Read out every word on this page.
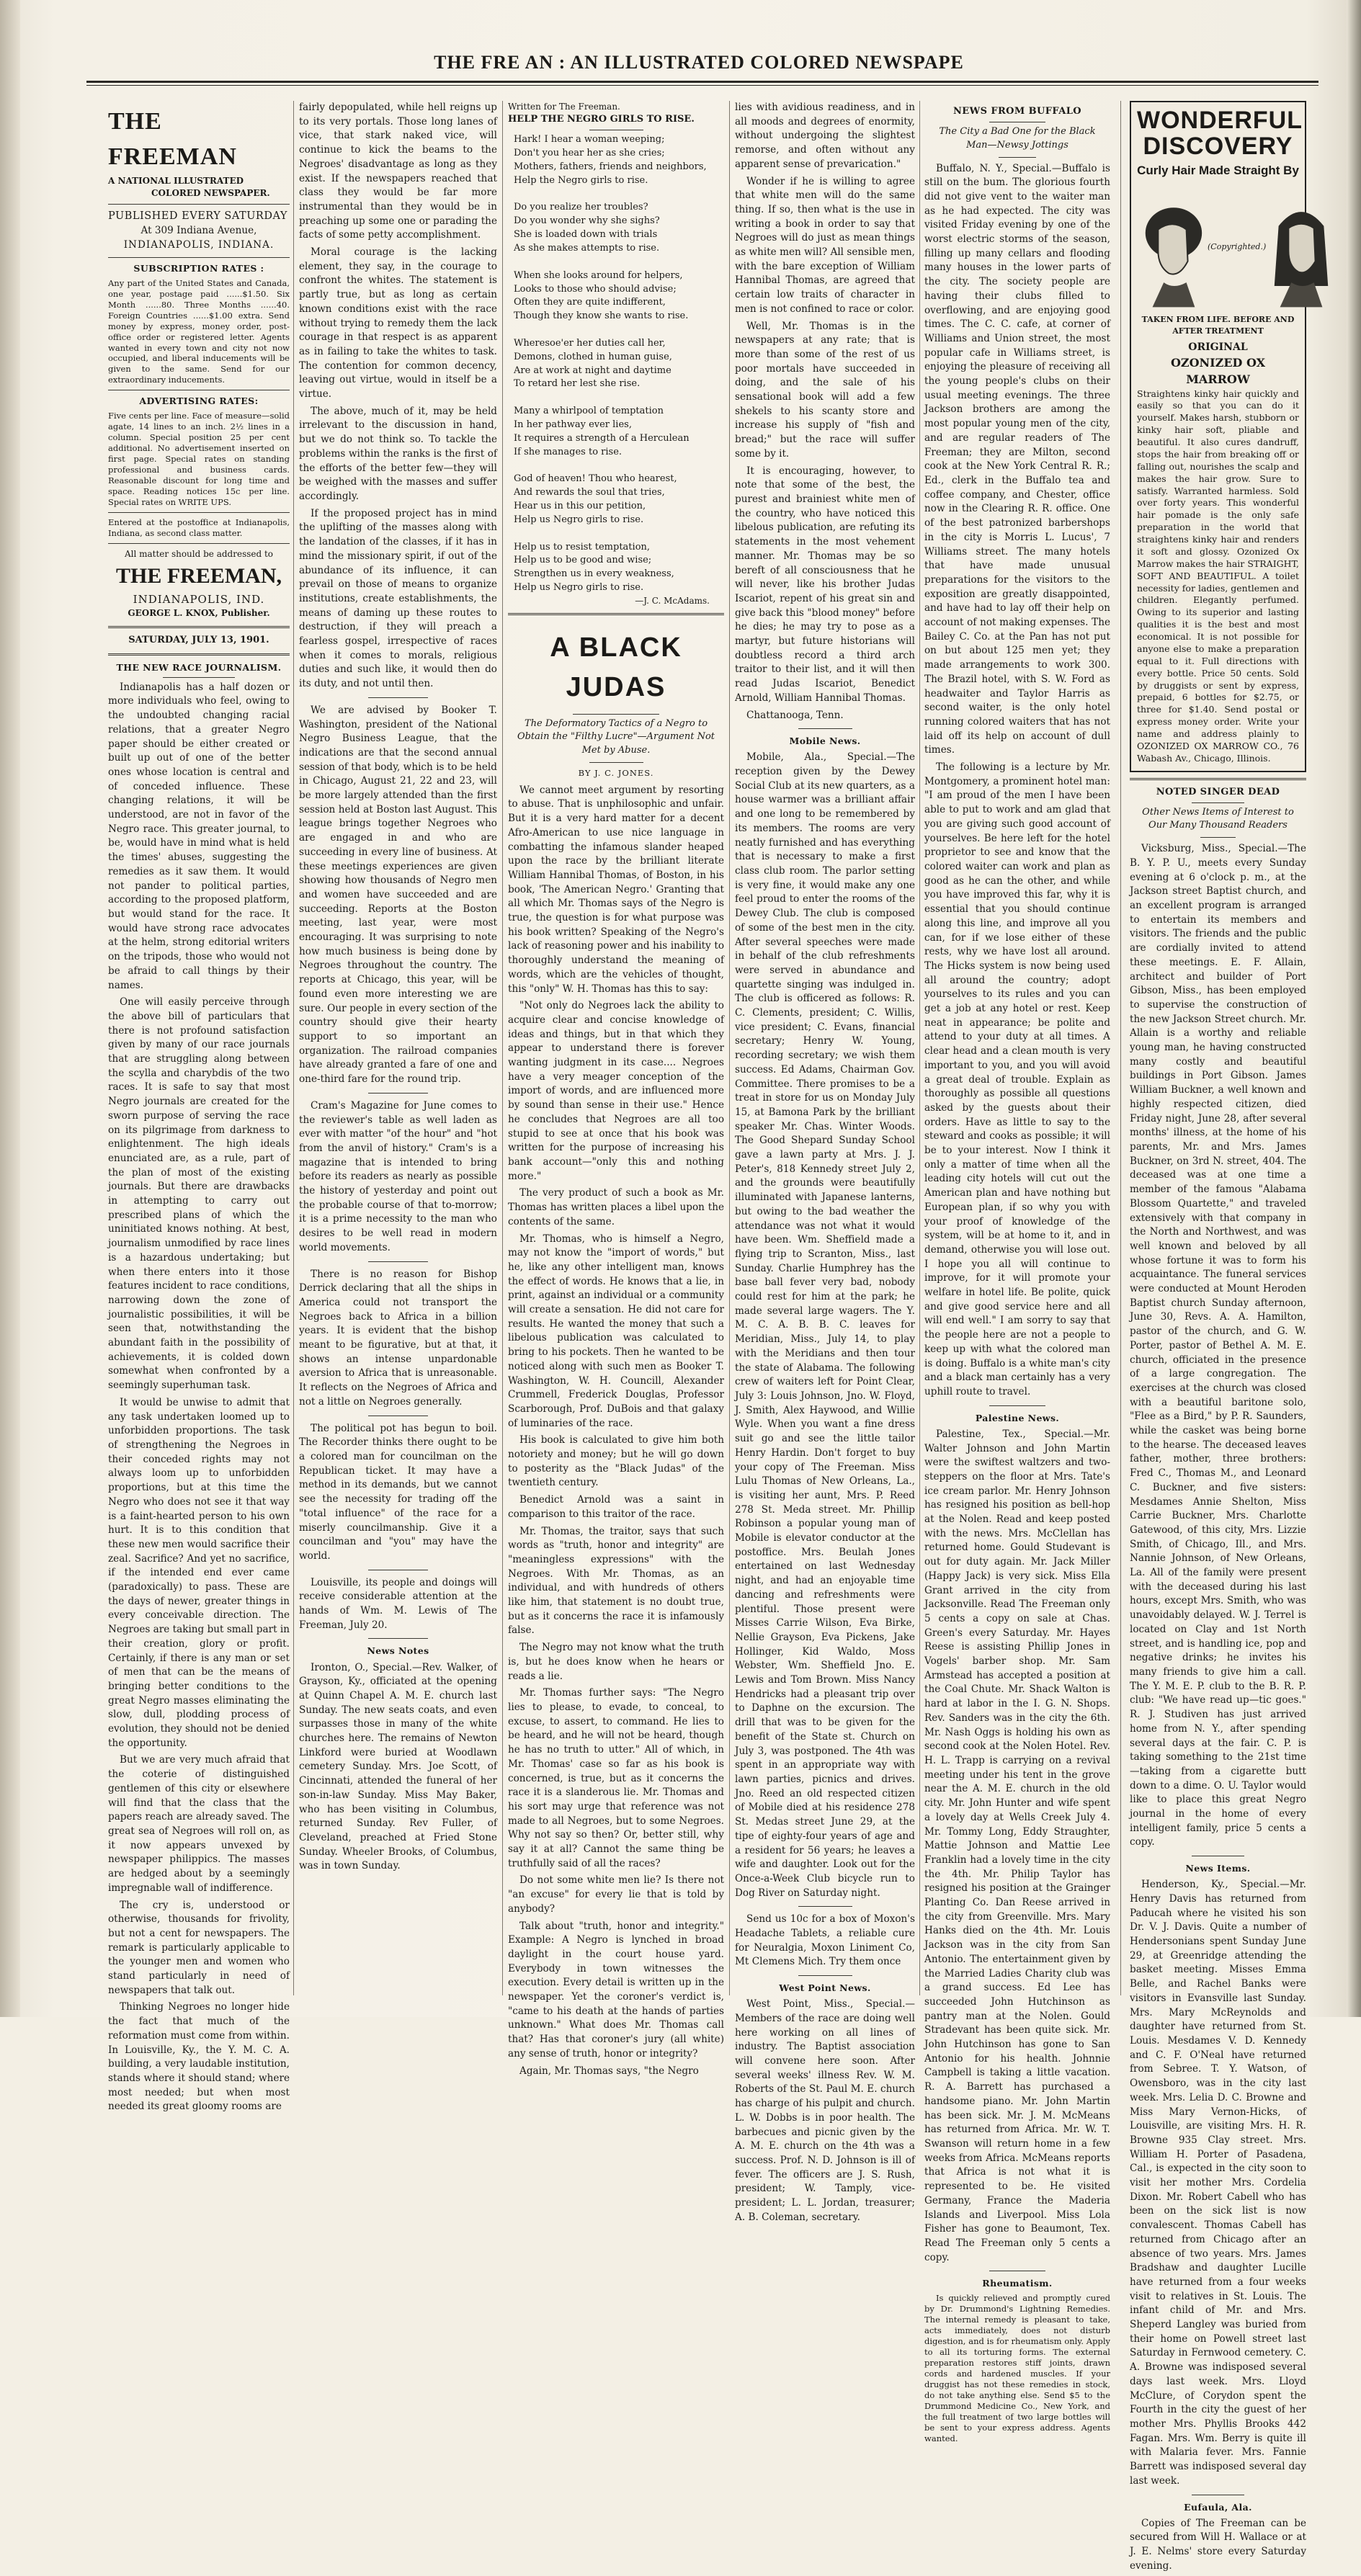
THE FRE AN : AN ILLUSTRATED COLORED NEWSPAPE
THE FREEMAN
A NATIONAL ILLUSTRATED
COLORED NEWSPAPER.
PUBLISHED EVERY SATURDAY
At 309 Indiana Avenue,
INDIANAPOLIS, INDIANA.
SUBSCRIPTION RATES :
Any part of the United States and Canada, one year, postage paid ......$1.50. Six Month ......80. Three Months ......40. Foreign Countries ......$1.00 extra. Send money by express, money order, post-office order or registered letter. Agents wanted in every town and city not now occupied, and liberal inducements will be given to the same. Send for our extraordinary inducements.
ADVERTISING RATES:
Five cents per line. Face of measure—solid agate, 14 lines to an inch. 2½ lines in a column. Special position 25 per cent additional. No advertisement inserted on first page. Special rates on standing professional and business cards. Reasonable discount for long time and space. Reading notices 15c per line. Special rates on WRITE UPS.
Entered at the postoffice at Indianapolis, Indiana, as second class matter.
All matter should be addressed to
THE FREEMAN,
INDIANAPOLIS, IND.
GEORGE L. KNOX, Publisher.
SATURDAY, JULY 13, 1901.
THE NEW RACE JOURNALISM.

Indianapolis has a half dozen or more individuals who feel, owing to the undoubted changing racial relations, that a greater Negro paper should be either created or built up out of one of the better ones whose location is central and of conceded influence. These changing relations, it will be understood, are not in favor of the Negro race. This greater journal, to be, would have in mind what is held the times' abuses, suggesting the remedies as it saw them. It would not pander to political parties, according to the proposed platform, but would stand for the race. It would have strong race advocates at the helm, strong editorial writers on the tripods, those who would not be afraid to call things by their names.

One will easily perceive through the above bill of particulars that there is not profound satisfaction given by many of our race journals that are struggling along between the scylla and charybdis of the two races. It is safe to say that most Negro journals are created for the sworn purpose of serving the race on its pilgrimage from darkness to enlightenment. The high ideals enunciated are, as a rule, part of the plan of most of the existing journals. But there are drawbacks in attempting to carry out prescribed plans of which the uninitiated knows nothing. At best, journalism unmodified by race lines is a hazardous undertaking; but when there enters into it those features incident to race conditions, narrowing down the zone of journalistic possibilities, it will be seen that, notwithstanding the abundant faith in the possibility of achievements, it is colded down somewhat when confronted by a seemingly superhuman task.

It would be unwise to admit that any task undertaken loomed up to unforbidden proportions. The task of strengthening the Negroes in their conceded rights may not always loom up to unforbidden proportions, but at this time the Negro who does not see it that way is a faint-hearted person to his own hurt. It is to this condition that these new men would sacrifice their zeal. Sacrifice? And yet no sacrifice, if the intended end ever came (paradoxically) to pass. These are the days of newer, greater things in every conceivable direction. The Negroes are taking but small part in their creation, glory or profit. Certainly, if there is any man or set of men that can be the means of bringing better conditions to the great Negro masses eliminating the slow, dull, plodding process of evolution, they should not be denied the opportunity.

But we are very much afraid that the coterie of distinguished gentlemen of this city or elsewhere will find that the class that the papers reach are already saved. The great sea of Negroes will roll on, as it now appears unvexed by newspaper philippics. The masses are hedged about by a seemingly impregnable wall of indifference.

The cry is, understood or otherwise, thousands for frivolity, but not a cent for newspapers. The remark is particularly applicable to the younger men and women who stand particularly in need of newspapers that talk out.

Thinking Negroes no longer hide the fact that much of the reformation must come from within. In Louisville, Ky., the Y. M. C. A. building, a very laudable institution, stands where it should stand; where most needed; but when most needed its great gloomy rooms are

fairly depopulated, while hell reigns up to its very portals. Those long lanes of vice, that stark naked vice, will continue to kick the beams to the Negroes' disadvantage as long as they exist. If the newspapers reached that class they would be far more instrumental than they would be in preaching up some one or parading the facts of some petty accomplishment.

Moral courage is the lacking element, they say, in the courage to confront the whites. The statement is partly true, but as long as certain known conditions exist with the race without trying to remedy them the lack courage in that respect is as apparent as in failing to take the whites to task. The contention for common decency, leaving out virtue, would in itself be a virtue.

The above, much of it, may be held irrelevant to the discussion in hand, but we do not think so. To tackle the problems within the ranks is the first of the efforts of the better few—they will be weighed with the masses and suffer accordingly.

If the proposed project has in mind the uplifting of the masses along with the landation of the classes, if it has in mind the missionary spirit, if out of the abundance of its influence, it can prevail on those of means to organize institutions, create establishments, the means of daming up these routes to destruction, if they will preach a fearless gospel, irrespective of races when it comes to morals, religious duties and such like, it would then do its duty, and not until then.

We are advised by Booker T. Washington, president of the National Negro Business League, that the indications are that the second annual session of that body, which is to be held in Chicago, August 21, 22 and 23, will be more largely attended than the first session held at Boston last August. This league brings together Negroes who are engaged in and who are succeeding in every line of business. At these meetings experiences are given showing how thousands of Negro men and women have succeeded and are succeeding. Reports at the Boston meeting, last year, were most encouraging. It was surprising to note how much business is being done by Negroes throughout the country. The reports at Chicago, this year, will be found even more interesting we are sure. Our people in every section of the country should give their hearty support to so important an organization. The railroad companies have already granted a fare of one and one-third fare for the round trip.

Cram's Magazine for June comes to the reviewer's table as well laden as ever with matter "of the hour" and "hot from the anvil of history." Cram's is a magazine that is intended to bring before its readers as nearly as possible the history of yesterday and point out the probable course of that to-morrow; it is a prime necessity to the man who desires to be well read in modern world movements.

There is no reason for Bishop Derrick declaring that all the ships in America could not transport the Negroes back to Africa in a billion years. It is evident that the bishop meant to be figurative, but at that, it shows an intense unpardonable aversion to Africa that is unreasonable. It reflects on the Negroes of Africa and not a little on Negroes generally.

The political pot has begun to boil. The Recorder thinks there ought to be a colored man for councilman on the Republican ticket. It may have a method in its demands, but we cannot see the necessity for trading off the "total influence" of the race for a miserly councilmanship. Give it a councilman and "you" may have the world.

Louisville, its people and doings will receive considerable attention at the hands of Wm. M. Lewis of The Freeman, July 20.

News Notes

Ironton, O., Special.—Rev. Walker, of Grayson, Ky., officiated at the opening at Quinn Chapel A. M. E. church last Sunday. The new seats coats, and even surpasses those in many of the white churches here. The remains of Newton Linkford were buried at Woodlawn cemetery Sunday. Mrs. Joe Scott, of Cincinnati, attended the funeral of her son-in-law Sunday. Miss May Baker, who has been visiting in Columbus, returned Sunday. Rev Fuller, of Cleveland, preached at Fried Stone Sunday. Wheeler Brooks, of Columbus, was in town Sunday.

Written for The Freeman.
HELP THE NEGRO GIRLS TO RISE.
Hark! I hear a woman weeping;
Don't you hear her as she cries;
Mothers, fathers, friends and neighbors,
Help the Negro girls to rise.

Do you realize her troubles?
Do you wonder why she sighs?
She is loaded down with trials
As she makes attempts to rise.

When she looks around for helpers,
Looks to those who should advise;
Often they are quite indifferent,
Though they know she wants to rise.

Wheresoe'er her duties call her,
Demons, clothed in human guise,
Are at work at night and daytime
To retard her lest she rise.

Many a whirlpool of temptation
In her pathway ever lies,
It requires a strength of a Herculean
If she manages to rise.

God of heaven! Thou who hearest,
And rewards the soul that tries,
Hear us in this our petition,
Help us Negro girls to rise.

Help us to resist temptation,
Help us to be good and wise;
Strengthen us in every weakness,
Help us Negro girls to rise.
—J. C. McAdams.
A BLACK JUDAS
The Deformatory Tactics of a Negro to Obtain the "Filthy Lucre"—Argument Not Met by Abuse.
BY J. C. JONES.

We cannot meet argument by resorting to abuse. That is unphilosophic and unfair. But it is a very hard matter for a decent Afro-American to use nice language in combatting the infamous slander heaped upon the race by the brilliant literate William Hannibal Thomas, of Boston, in his book, 'The American Negro.' Granting that all which Mr. Thomas says of the Negro is true, the question is for what purpose was his book written? Speaking of the Negro's lack of reasoning power and his inability to thoroughly understand the meaning of words, which are the vehicles of thought, this "only" W. H. Thomas has this to say:

"Not only do Negroes lack the ability to acquire clear and concise knowledge of ideas and things, but in that which they appear to understand there is forever wanting judgment in its case.... Negroes have a very meager conception of the import of words, and are influenced more by sound than sense in their use." Hence he concludes that Negroes are all too stupid to see at once that his book was written for the purpose of increasing his bank account—"only this and nothing more."

The very product of such a book as Mr. Thomas has written places a libel upon the contents of the same.

Mr. Thomas, who is himself a Negro, may not know the "import of words," but he, like any other intelligent man, knows the effect of words. He knows that a lie, in print, against an individual or a community will create a sensation. He did not care for results. He wanted the money that such a libelous publication was calculated to bring to his pockets. Then he wanted to be noticed along with such men as Booker T. Washington, W. H. Councill, Alexander Crummell, Frederick Douglas, Professor Scarborough, Prof. DuBois and that galaxy of luminaries of the race.

His book is calculated to give him both notoriety and money; but he will go down to posterity as the "Black Judas" of the twentieth century.

Benedict Arnold was a saint in comparison to this traitor of the race.

Mr. Thomas, the traitor, says that such words as "truth, honor and integrity" are "meaningless expressions" with the Negroes. With Mr. Thomas, as an individual, and with hundreds of others like him, that statement is no doubt true, but as it concerns the race it is infamously false.

The Negro may not know what the truth is, but he does know when he hears or reads a lie.

Mr. Thomas further says: "The Negro lies to please, to evade, to conceal, to excuse, to assert, to command. He lies to be heard, and he will not be heard, though he has no truth to utter." All of which, in Mr. Thomas' case so far as his book is concerned, is true, but as it concerns the race it is a slanderous lie. Mr. Thomas and his sort may urge that reference was not made to all Negroes, but to some Negroes. Why not say so then? Or, better still, why say it at all? Cannot the same thing be truthfully said of all the races?

Do not some white men lie? Is there not "an excuse" for every lie that is told by anybody?

Talk about "truth, honor and integrity." Example: A Negro is lynched in broad daylight in the court house yard. Everybody in town witnesses the execution. Every detail is written up in the newspaper. Yet the coroner's verdict is, "came to his death at the hands of parties unknown." What does Mr. Thomas call that? Has that coroner's jury (all white) any sense of truth, honor or integrity?

Again, Mr. Thomas says, "the Negro

lies with avidious readiness, and in all moods and degrees of enormity, without undergoing the slightest remorse, and often without any apparent sense of prevarication."

Wonder if he is willing to agree that white men will do the same thing. If so, then what is the use in writing a book in order to say that Negroes will do just as mean things as white men will? All sensible men, with the bare exception of William Hannibal Thomas, are agreed that certain low traits of character in men is not confined to race or color.

Well, Mr. Thomas is in the newspapers at any rate; that is more than some of the rest of us poor mortals have succeeded in doing, and the sale of his sensational book will add a few shekels to his scanty store and increase his supply of "fish and bread;" but the race will suffer some by it.

It is encouraging, however, to note that some of the best, the purest and brainiest white men of the country, who have noticed this libelous publication, are refuting its statements in the most vehement manner. Mr. Thomas may be so bereft of all consciousness that he will never, like his brother Judas Iscariot, repent of his great sin and give back this "blood money" before he dies; he may try to pose as a martyr, but future historians will doubtless record a third arch traitor to their list, and it will then read Judas Iscariot, Benedict Arnold, William Hannibal Thomas.

Chattanooga, Tenn.

Mobile News.

Mobile, Ala., Special.—The reception given by the Dewey Social Club at its new quarters, as a house warmer was a brilliant affair and one long to be remembered by its members. The rooms are very neatly furnished and has everything that is necessary to make a first class club room. The parlor setting is very fine, it would make any one feel proud to enter the rooms of the Dewey Club. The club is composed of some of the best men in the city. After several speeches were made in behalf of the club refreshments were served in abundance and quartette singing was indulged in. The club is officered as follows: R. C. Clements, president; C. Willis, vice president; C. Evans, financial secretary; Henry W. Young, recording secretary; we wish them success. Ed Adams, Chairman Gov. Committee. There promises to be a treat in store for us on Monday July 15, at Bamona Park by the brilliant speaker Mr. Chas. Winter Woods. The Good Shepard Sunday School gave a lawn party at Mrs. J. J. Peter's, 818 Kennedy street July 2, and the grounds were beautifully illuminated with Japanese lanterns, but owing to the bad weather the attendance was not what it would have been. Wm. Sheffield made a flying trip to Scranton, Miss., last Sunday. Charlie Humphrey has the base ball fever very bad, nobody could rest for him at the park; he made several large wagers. The Y. M. C. A. B. B. C. leaves for Meridian, Miss., July 14, to play with the Meridians and then tour the state of Alabama. The following crew of waiters left for Point Clear, July 3: Louis Johnson, Jno. W. Floyd, J. Smith, Alex Haywood, and Willie Wyle. When you want a fine dress suit go and see the little tailor Henry Hardin. Don't forget to buy your copy of The Freeman. Miss Lulu Thomas of New Orleans, La., is visiting her aunt, Mrs. P. Reed 278 St. Meda street. Mr. Phillip Robinson a popular young man of Mobile is elevator conductor at the postoffice. Mrs. Beulah Jones entertained on last Wednesday night, and had an enjoyable time dancing and refreshments were plentiful. Those present were Misses Carrie Wilson, Eva Birke, Nellie Grayson, Eva Pickens, Jake Hollinger, Kid Waldo, Moss Webster, Wm. Sheffield Jno. E. Lewis and Tom Brown. Miss Nancy Hendricks had a pleasant trip over to Daphne on the excursion. The drill that was to be given for the benefit of the State st. Church on July 3, was postponed. The 4th was spent in an appropriate way with lawn parties, picnics and drives. Jno. Reed an old respected citizen of Mobile died at his residence 278 St. Medas street June 29, at the tipe of eighty-four years of age and a resident for 56 years; he leaves a wife and daughter. Look out for the Once-a-Week Club bicycle run to Dog River on Saturday night.

Send us 10c for a box of Moxon's Headache Tablets, a reliable cure for Neuralgia, Moxon Liniment Co, Mt Clemens Mich. Try them once

West Point News.

West Point, Miss., Special.—Members of the race are doing well here working on all lines of industry. The Baptist association will convene here soon. After several weeks' illness Rev. W. M. Roberts of the St. Paul M. E. church has charge of his pulpit and church. L. W. Dobbs is in poor health. The barbecues and picnic given by the A. M. E. church on the 4th was a success. Prof. N. D. Johnson is ill of fever. The officers are J. S. Rush, president; W. Tamply, vice-president; L. L. Jordan, treasurer; A. B. Coleman, secretary.

NEWS FROM BUFFALO
The City a Bad One for the Black Man—Newsy Jottings

Buffalo, N. Y., Special.—Buffalo is still on the bum. The glorious fourth did not give vent to the waiter man as he had expected. The city was visited Friday evening by one of the worst electric storms of the season, filling up many cellars and flooding many houses in the lower parts of the city. The society people are having their clubs filled to overflowing, and are enjoying good times. The C. C. cafe, at corner of Williams and Union street, the most popular cafe in Williams street, is enjoying the pleasure of receiving all the young people's clubs on their usual meeting evenings. The three Jackson brothers are among the most popular young men of the city, and are regular readers of The Freeman; they are Milton, second cook at the New York Central R. R.; Ed., clerk in the Buffalo tea and coffee company, and Chester, office now in the Clearing R. R. office. One of the best patronized barbershops in the city is Morris L. Lucus', 7 Williams street. The many hotels that have made unusual preparations for the visitors to the exposition are greatly disappointed, and have had to lay off their help on account of not making expenses. The Bailey C. Co. at the Pan has not put on but about 125 men yet; they made arrangements to work 300. The Brazil hotel, with S. W. Ford as headwaiter and Taylor Harris as second waiter, is the only hotel running colored waiters that has not laid off its help on account of dull times.

The following is a lecture by Mr. Montgomery, a prominent hotel man: "I am proud of the men I have been able to put to work and am glad that you are giving such good account of yourselves. Be here left for the hotel proprietor to see and know that the colored waiter can work and plan as good as he can the other, and while you have improved this far, why it is essential that you should continue along this line, and improve all you can, for if we lose either of these rests, why we have lost all around. The Hicks system is now being used all around the country; adopt yourselves to its rules and you can get a job at any hotel or rest. Keep neat in appearance; be polite and attend to your duty at all times. A clear head and a clean mouth is very important to you, and you will avoid a great deal of trouble. Explain as thoroughly as possible all questions asked by the guests about their orders. Have as little to say to the steward and cooks as possible; it will be to your interest. Now I think it only a matter of time when all the leading city hotels will cut out the American plan and have nothing but European plan, if so why you with your proof of knowledge of the system, will be at home to it, and in demand, otherwise you will lose out. I hope you all will continue to improve, for it will promote your welfare in hotel life. Be polite, quick and give good service here and all will end well." I am sorry to say that the people here are not a people to keep up with what the colored man is doing. Buffalo is a white man's city and a black man certainly has a very uphill route to travel.

Palestine News.

Palestine, Tex., Special.—Mr. Walter Johnson and John Martin were the swiftest waltzers and two-steppers on the floor at Mrs. Tate's ice cream parlor. Mr. Henry Johnson has resigned his position as bell-hop at the Nolen. Read and keep posted with the news. Mrs. McClellan has returned home. Gould Studevant is out for duty again. Mr. Jack Miller (Happy Jack) is very sick. Miss Ella Grant arrived in the city from Jacksonville. Read The Freeman only 5 cents a copy on sale at Chas. Green's every Saturday. Mr. Hayes Reese is assisting Phillip Jones in Vogels' barber shop. Mr. Sam Armstead has accepted a position at the Coal Chute. Mr. Shack Walton is hard at labor in the I. G. N. Shops. Rev. Sanders was in the city the 6th. Mr. Nash Oggs is holding his own as second cook at the Nolen Hotel. Rev. H. L. Trapp is carrying on a revival meeting under his tent in the grove near the A. M. E. church in the old city. Mr. John Hunter and wife spent a lovely day at Wells Creek July 4. Mr. Tommy Long, Eddy Straughter, Mattie Johnson and Mattie Lee Franklin had a lovely time in the city the 4th. Mr. Philip Taylor has resigned his position at the Grainger Planting Co. Dan Reese arrived in the city from Greenville. Mrs. Mary Hanks died on the 4th. Mr. Louis Jackson was in the city from San Antonio. The entertainment given by the Married Ladies Charity club was a grand success. Ed Lee has succeeded John Hutchinson as pantry man at the Nolen. Gould Stradevant has been quite sick. Mr. John Hutchinson has gone to San Antonio for his health. Johnnie Campbell is taking a little vacation. R. A. Barrett has purchased a handsome piano. Mr. John Martin has been sick. Mr. J. M. McMeans has returned from Africa. Mr. W. T. Swanson will return home in a few weeks from Africa. McMeans reports that Africa is not what it is represented to be. He visited Germany, France the Maderia Islands and Liverpool. Miss Lola Fisher has gone to Beaumont, Tex. Read The Freeman only 5 cents a copy.

Rheumatism.

Is quickly relieved and promptly cured by Dr. Drummond's Lightning Remedies. The internal remedy is pleasant to take, acts immediately, does not disturb digestion, and is for rheumatism only. Apply to all its torturing forms. The external preparation restores stiff joints, drawn cords and hardened muscles. If your druggist has not these remedies in stock, do not take anything else. Send $5 to the Drummond Medicine Co., New York, and the full treatment of two large bottles will be sent to your express address. Agents wanted.

WONDERFUL
DISCOVERY
Curly Hair Made Straight By
(Copyrighted.)
TAKEN FROM LIFE. BEFORE AND AFTER TREATMENT
ORIGINAL
OZONIZED OX MARROW
Straightens kinky hair quickly and easily so that you can do it yourself. Makes harsh, stubborn or kinky hair soft, pliable and beautiful. It also cures dandruff, stops the hair from breaking off or falling out, nourishes the scalp and makes the hair grow. Sure to satisfy. Warranted harmless. Sold over forty years. This wonderful hair pomade is the only safe preparation in the world that straightens kinky hair and renders it soft and glossy. Ozonized Ox Marrow makes the hair STRAIGHT, SOFT AND BEAUTIFUL. A toilet necessity for ladies, gentlemen and children. Elegantly perfumed. Owing to its superior and lasting qualities it is the best and most economical. It is not possible for anyone else to make a preparation equal to it. Full directions with every bottle. Price 50 cents. Sold by druggists or sent by express, prepaid, 6 bottles for $2.75, or three for $1.40. Send postal or express money order. Write your name and address plainly to OZONIZED OX MARROW CO., 76 Wabash Av., Chicago, Illinois.
NOTED SINGER DEAD
Other News Items of Interest to Our Many Thousand Readers

Vicksburg, Miss., Special.—The B. Y. P. U., meets every Sunday evening at 6 o'clock p. m., at the Jackson street Baptist church, and an excellent program is arranged to entertain its members and visitors. The friends and the public are cordially invited to attend these meetings. E. F. Allain, architect and builder of Port Gibson, Miss., has been employed to supervise the construction of the new Jackson Street church. Mr. Allain is a worthy and reliable young man, he having constructed many costly and beautiful buildings in Port Gibson. James William Buckner, a well known and highly respected citizen, died Friday night, June 28, after several months' illness, at the home of his parents, Mr. and Mrs. James Buckner, on 3rd N. street, 404. The deceased was at one time a member of the famous "Alabama Blossom Quartette," and traveled extensively with that company in the North and Northwest, and was well known and beloved by all whose fortune it was to form his acquaintance. The funeral services were conducted at Mount Heroden Baptist church Sunday afternoon, June 30, Revs. A. A. Hamilton, pastor of the church, and G. W. Porter, pastor of Bethel A. M. E. church, officiated in the presence of a large congregation. The exercises at the church was closed with a beautiful baritone solo, "Flee as a Bird," by P. R. Saunders, while the casket was being borne to the hearse. The deceased leaves father, mother, three brothers: Fred C., Thomas M., and Leonard C. Buckner, and five sisters: Mesdames Annie Shelton, Miss Carrie Buckner, Mrs. Charlotte Gatewood, of this city, Mrs. Lizzie Smith, of Chicago, Ill., and Mrs. Nannie Johnson, of New Orleans, La. All of the family were present with the deceased during his last hours, except Mrs. Smith, who was unavoidably delayed. W. J. Terrel is located on Clay and 1st North street, and is handling ice, pop and negative drinks; he invites his many friends to give him a call. The Y. M. E. P. club to the B. R. P. club: "We have read up—tic goes." R. J. Studiven has just arrived home from N. Y., after spending several days at the fair. C. P. is taking something to the 21st time—taking from a cigarette butt down to a dime. O. U. Taylor would like to place this great Negro journal in the home of every intelligent family, price 5 cents a copy.

News Items.

Henderson, Ky., Special.—Mr. Henry Davis has returned from Paducah where he visited his son Dr. V. J. Davis. Quite a number of Hendersonians spent Sunday June 29, at Greenridge attending the basket meeting. Misses Emma Belle, and Rachel Banks were visitors in Evansville last Sunday. Mrs. Mary McReynolds and daughter have returned from St. Louis. Mesdames V. D. Kennedy and C. F. O'Neal have returned from Sebree. T. Y. Watson, of Owensboro, was in the city last week. Mrs. Lelia D. C. Browne and Miss Mary Vernon-Hicks, of Louisville, are visiting Mrs. H. R. Browne 935 Clay street. Mrs. William H. Porter of Pasadena, Cal., is expected in the city soon to visit her mother Mrs. Cordelia Dixon. Mr. Robert Cabell who has been on the sick list is now convalescent. Thomas Cabell has returned from Chicago after an absence of two years. Mrs. James Bradshaw and daughter Lucille have returned from a four weeks visit to relatives in St. Louis. The infant child of Mr. and Mrs. Sheperd Langley was buried from their home on Powell street last Saturday in Fernwood cemetery. C. A. Browne was indisposed several days last week. Mrs. Lloyd McClure, of Corydon spent the Fourth in the city the guest of her mother Mrs. Phyllis Brooks 442 Fagan. Mrs. Wm. Berry is quite ill with Malaria fever. Mrs. Fannie Barrett was indisposed several day last week.

Eufaula, Ala.

Copies of The Freeman can be secured from Will H. Wallace or at J. E. Nelms' store every Saturday evening.
